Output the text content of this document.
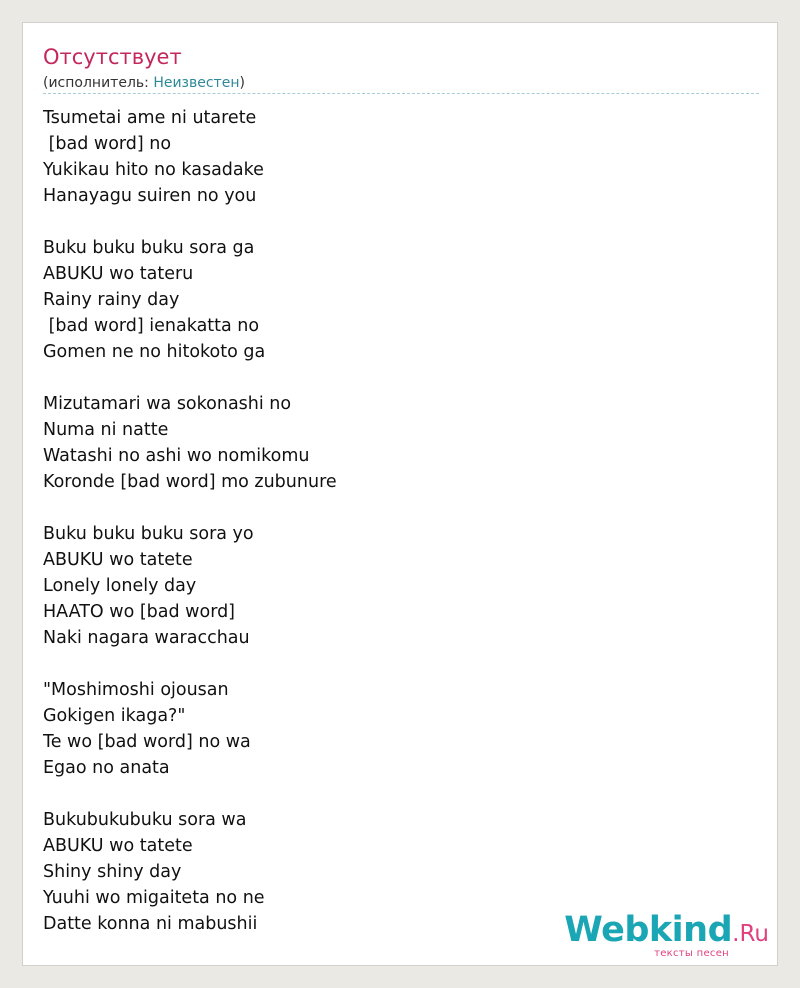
Отсутствует
(исполнитель: Неизвестен)
Tsumetai ame ni utarete
[bad word] no
Yukikau hito no kasadake
Hanayagu suiren no you
Buku buku buku sora ga
ABUKU wo tateru
Rainy rainy day
[bad word] ienakatta no
Gomen ne no hitokoto ga
Mizutamari wa sokonashi no
Numa ni natte
Watashi no ashi wo nomikomu
Koronde [bad word] mo zubunure
Buku buku buku sora yo
ABUKU wo tatete
Lonely lonely day
HAATO wo [bad word]
Naki nagara waracchau
"Moshimoshi ojousan
Gokigen ikaga?"
Te wo [bad word] no wa
Egao no anata
Bukubukubuku sora wa
ABUKU wo tatete
Shiny shiny day
Yuuhi wo migaiteta no ne
Datte konna ni mabushii	Webkind.Ru
тексты песен
